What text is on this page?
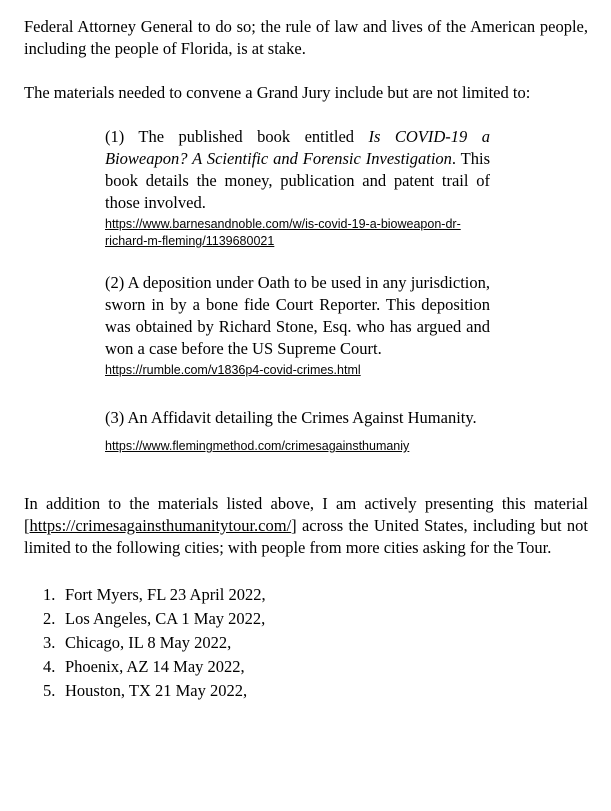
Federal Attorney General to do so; the rule of law and lives of the American people, including the people of Florida, is at stake.

The materials needed to convene a Grand Jury include but are not limited to:

(1) The published book entitled Is COVID-19 a Bioweapon? A Scientific and Forensic Investigation. This book details the money, publication and patent trail of those involved.

https://www.barnesandnoble.com/w/is-covid-19-a-bioweapon-dr-richard-m-fleming/1139680021

(2) A deposition under Oath to be used in any jurisdiction, sworn in by a bone fide Court Reporter. This deposition was obtained by Richard Stone, Esq. who has argued and won a case before the US Supreme Court.

https://rumble.com/v1836p4-covid-crimes.html

(3) An Affidavit detailing the Crimes Against Humanity.

https://www.flemingmethod.com/crimesagainsthumaniy

In addition to the materials listed above, I am actively presenting this material [https://crimesagainsthumanitytour.com/] across the United States, including but not limited to the following cities; with people from more cities asking for the Tour.

1. Fort Myers, FL 23 April 2022,
2. Los Angeles, CA 1 May 2022,
3. Chicago, IL 8 May 2022,
4. Phoenix, AZ 14 May 2022,
5. Houston, TX 21 May 2022,
